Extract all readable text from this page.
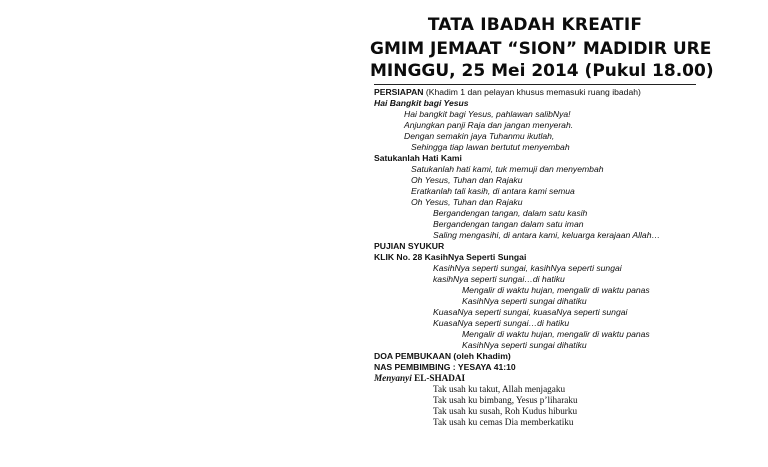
TATA IBADAH KREATIF
GMIM JEMAAT “SION” MADIDIR URE
MINGGU, 25 Mei 2014 (Pukul 18.00)
PERSIAPAN (Khadim 1 dan pelayan khusus memasuki ruang ibadah)
Hai Bangkit bagi Yesus
Hai bangkit bagi Yesus, pahlawan salibNya!
Anjungkan panji Raja dan jangan menyerah.
Dengan semakin jaya Tuhanmu ikutlah,
Sehingga tiap lawan bertutut menyembah
Satukanlah Hati Kami
Satukanlah hati kami, tuk memuji dan menyembah
Oh Yesus, Tuhan dan Rajaku
Eratkanlah tali kasih, di antara kami semua
Oh Yesus, Tuhan dan Rajaku
Bergandengan tangan, dalam satu kasih
Bergandengan tangan dalam satu iman
Saling mengasihi, di antara kami, keluarga kerajaan Allah…
PUJIAN SYUKUR
KLIK No. 28 KasihNya Seperti Sungai
KasihNya seperti sungai, kasihNya seperti sungai
kasihNya seperti sungai…di hatiku
Mengalir di waktu hujan, mengalir di waktu panas
KasihNya seperti sungai dihatiku
KuasaNya seperti sungai, kuasaNya seperti sungai
KuasaNya seperti sungai…di hatiku
Mengalir di waktu hujan, mengalir di waktu panas
KasihNya seperti sungai dihatiku
DOA PEMBUKAAN (oleh Khadim)
NAS PEMBIMBING : YESAYA 41:10
Menyanyi EL-SHADAI
Tak usah ku takut, Allah menjagaku
Tak usah ku bimbang, Yesus p’liharaku
Tak usah ku susah, Roh Kudus hiburku
Tak usah ku cemas Dia memberkatiku
